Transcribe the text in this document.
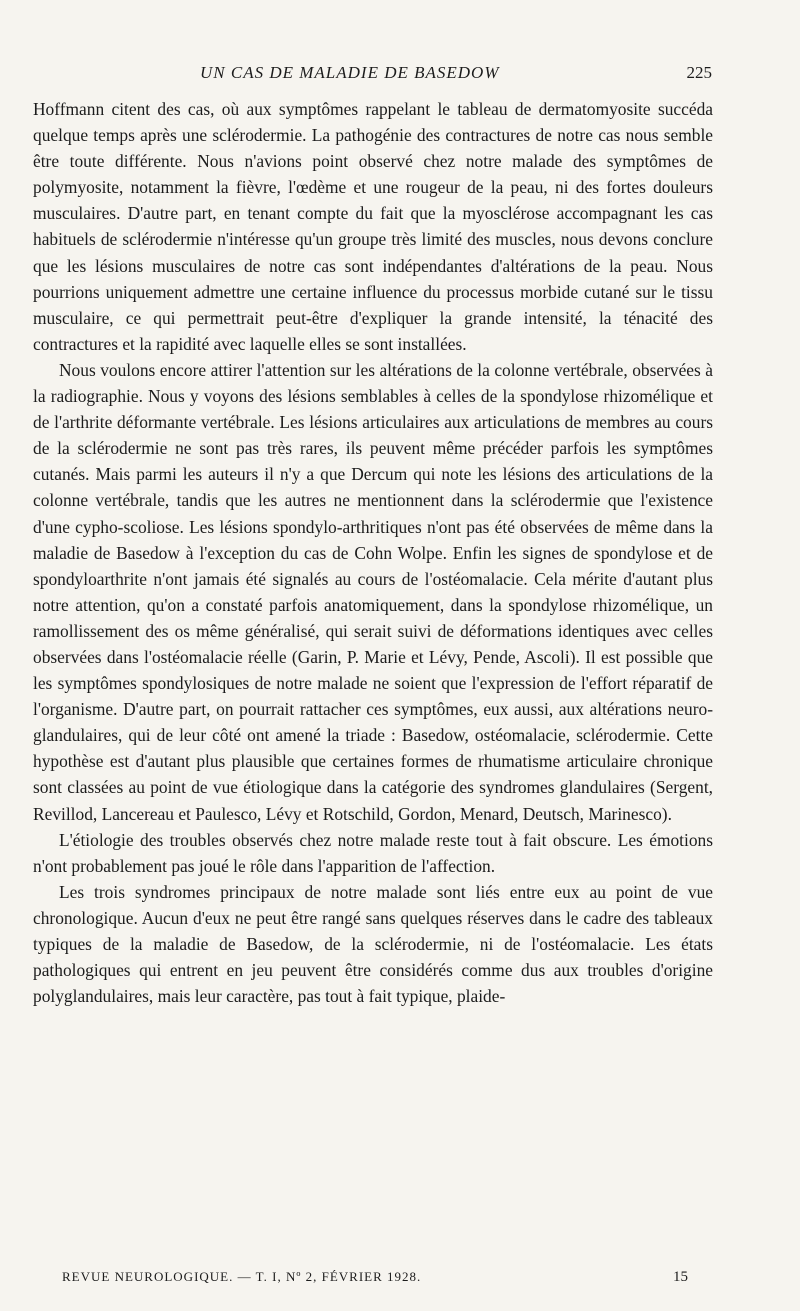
UN CAS DE MALADIE DE BASEDOW	225

Hoffmann citent des cas, où aux symptômes rappelant le tableau de dermatomyosite succéda quelque temps après une sclérodermie. La pathogénie des contractures de notre cas nous semble être toute différente. Nous n'avions point observé chez notre malade des symptômes de polymyosite, notamment la fièvre, l'œdème et une rougeur de la peau, ni des fortes douleurs musculaires. D'autre part, en tenant compte du fait que la myosclérose accompagnant les cas habituels de sclérodermie n'intéresse qu'un groupe très limité des muscles, nous devons conclure que les lésions musculaires de notre cas sont indépendantes d'altérations de la peau. Nous pourrions uniquement admettre une certaine influence du processus morbide cutané sur le tissu musculaire, ce qui permettrait peut-être d'expliquer la grande intensité, la ténacité des contractures et la rapidité avec laquelle elles se sont installées.

Nous voulons encore attirer l'attention sur les altérations de la colonne vertébrale, observées à la radiographie. Nous y voyons des lésions semblables à celles de la spondylose rhizomélique et de l'arthrite déformante vertébrale. Les lésions articulaires aux articulations de membres au cours de la sclérodermie ne sont pas très rares, ils peuvent même précéder parfois les symptômes cutanés. Mais parmi les auteurs il n'y a que Dercum qui note les lésions des articulations de la colonne vertébrale, tandis que les autres ne mentionnent dans la sclérodermie que l'existence d'une cypho-scoliose. Les lésions spondylo-arthritiques n'ont pas été observées de même dans la maladie de Basedow à l'exception du cas de Cohn Wolpe. Enfin les signes de spondylose et de spondyloarthrite n'ont jamais été signalés au cours de l'ostéomalacie. Cela mérite d'autant plus notre attention, qu'on a constaté parfois anatomiquement, dans la spondylose rhizomélique, un ramollissement des os même généralisé, qui serait suivi de déformations identiques avec celles observées dans l'ostéomalacie réelle (Garin, P. Marie et Lévy, Pende, Ascoli). Il est possible que les symptômes spondylosiques de notre malade ne soient que l'expression de l'effort réparatif de l'organisme. D'autre part, on pourrait rattacher ces symptômes, eux aussi, aux altérations neuro-glandulaires, qui de leur côté ont amené la triade : Basedow, ostéomalacie, sclérodermie. Cette hypothèse est d'autant plus plausible que certaines formes de rhumatisme articulaire chronique sont classées au point de vue étiologique dans la catégorie des syndromes glandulaires (Sergent, Revillod, Lancereau et Paulesco, Lévy et Rotschild, Gordon, Menard, Deutsch, Marinesco).

L'étiologie des troubles observés chez notre malade reste tout à fait obscure. Les émotions n'ont probablement pas joué le rôle dans l'apparition de l'affection.

Les trois syndromes principaux de notre malade sont liés entre eux au point de vue chronologique. Aucun d'eux ne peut être rangé sans quelques réserves dans le cadre des tableaux typiques de la maladie de Basedow, de la sclérodermie, ni de l'ostéomalacie. Les états pathologiques qui entrent en jeu peuvent être considérés comme dus aux troubles d'origine polyglandulaires, mais leur caractère, pas tout à fait typique, plaide-

REVUE NEUROLOGIQUE. — T. I, Nº 2, FÉVRIER 1928.	15
